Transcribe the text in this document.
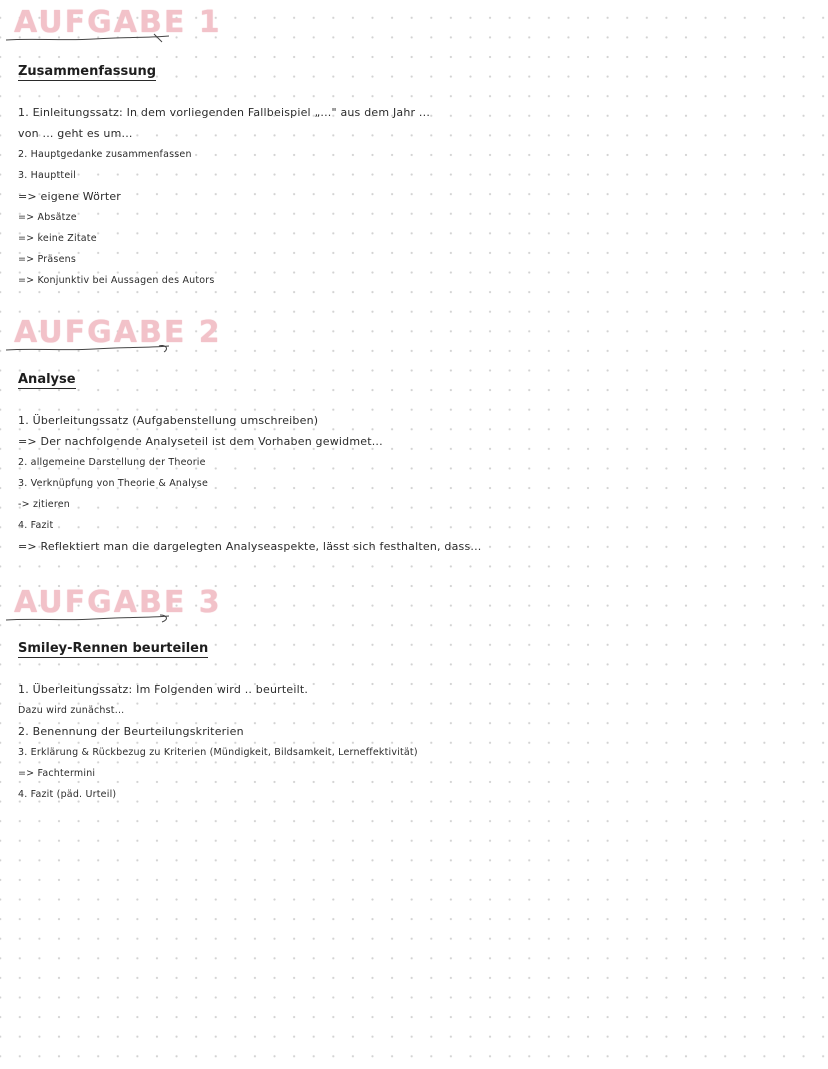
AUFGABE 1
Zusammenfassung
1. Einleitungssatz: In dem vorliegenden Fallbeispiel „..." aus dem Jahr ...
von ... geht es um...
2. Hauptgedanke zusammenfassen
3. Hauptteil
=> eigene Wörter
=> Absätze
=> keine Zitate
=> Präsens
=> Konjunktiv bei Aussagen des Autors
AUFGABE 2
Analyse
1. Überleitungssatz (Aufgabenstellung umschreiben)
=> Der nachfolgende Analyseteil ist dem Vorhaben gewidmet...
2. allgemeine Darstellung der Theorie
3. Verknüpfung von Theorie & Analyse
-> zitieren
4. Fazit
=> Reflektiert man die dargelegten Analyseaspekte, lässt sich festhalten, dass...
AUFGABE 3
Smiley-Rennen beurteilen
1. Überleitungssatz: Im Folgenden wird .. beurteilt.
Dazu wird zunächst...
2. Benennung der Beurteilungskriterien
3. Erklärung & Rückbezug zu Kriterien (Mündigkeit, Bildsamkeit, Lerneffektivität)
=> Fachtermini
4. Fazit (päd. Urteil)
